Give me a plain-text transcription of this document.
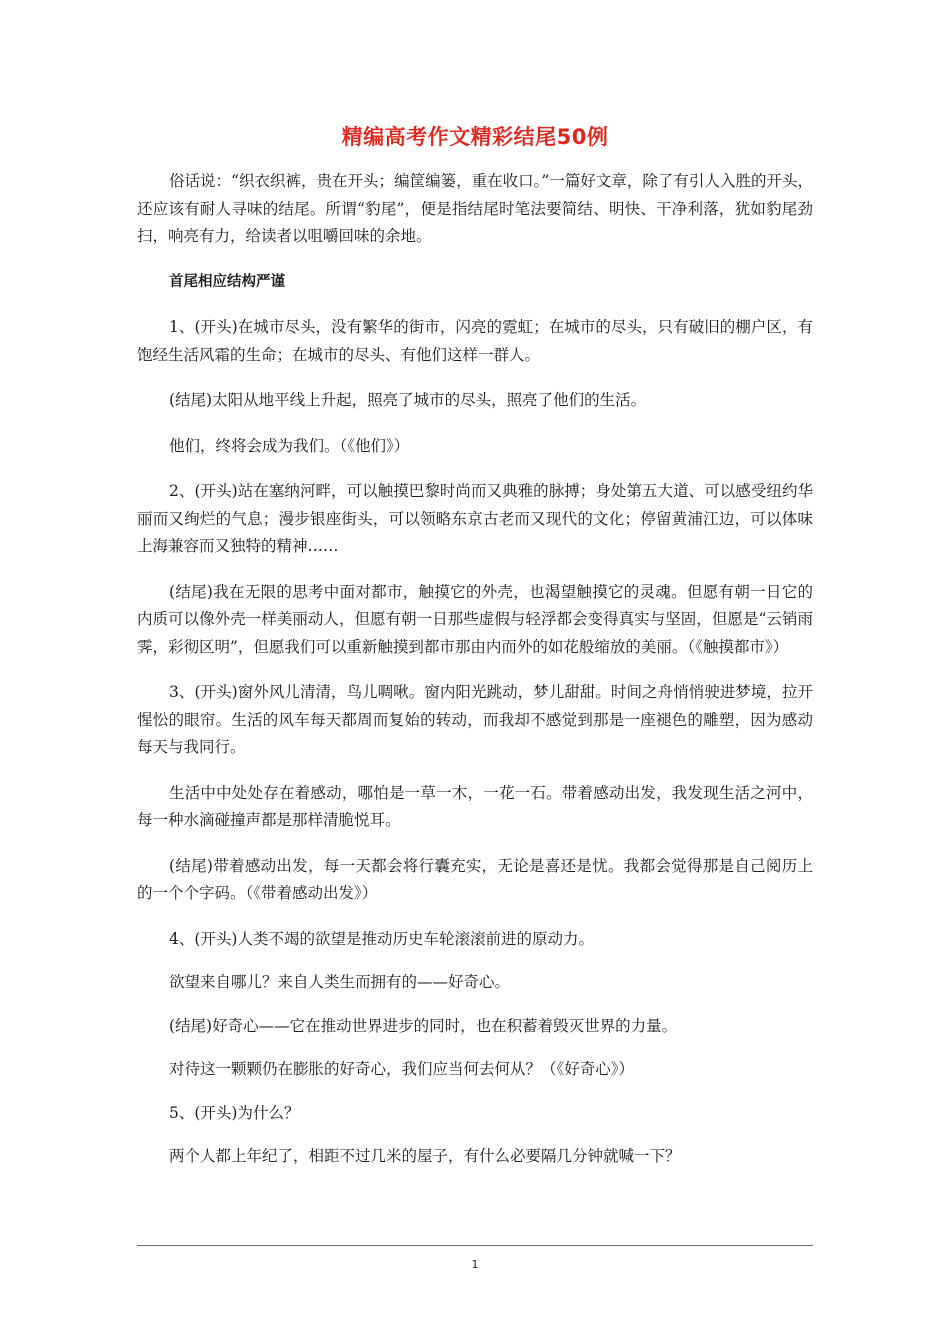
精编高考作文精彩结尾50例

俗话说：“织衣织裤，贵在开头；编筐编篓，重在收口。”一篇好文章，除了有引人入胜的开头，还应该有耐人寻味的结尾。所谓“豹尾”，便是指结尾时笔法要简结、明快、干净利落，犹如豹尾劲扫，响亮有力，给读者以咀嚼回味的余地。

首尾相应结构严谨

1、(开头)在城市尽头，没有繁华的街市，闪亮的霓虹；在城市的尽头，只有破旧的棚户区，有饱经生活风霜的生命；在城市的尽头、有他们这样一群人。

(结尾)太阳从地平线上升起，照亮了城市的尽头，照亮了他们的生活。

他们，终将会成为我们。（《他们》）

2、(开头)站在塞纳河畔，可以触摸巴黎时尚而又典雅的脉搏；身处第五大道、可以感受纽约华丽而又绚烂的气息；漫步银座街头，可以领略东京古老而又现代的文化；停留黄浦江边，可以体味上海兼容而又独特的精神……

(结尾)我在无限的思考中面对都市，触摸它的外壳，也渴望触摸它的灵魂。但愿有朝一日它的内质可以像外壳一样美丽动人，但愿有朝一日那些虚假与轻浮都会变得真实与坚固，但愿是“云销雨霁，彩彻区明”，但愿我们可以重新触摸到都市那由内而外的如花般缩放的美丽。（《触摸都市》）

3、(开头)窗外风儿清清，鸟儿啁啾。窗内阳光跳动，梦儿甜甜。时间之舟悄悄驶进梦境，拉开惺忪的眼帘。生活的风车每天都周而复始的转动，而我却不感觉到那是一座褪色的雕塑，因为感动每天与我同行。

生活中中处处存在着感动，哪怕是一草一木，一花一石。带着感动出发，我发现生活之河中，每一种水滴碰撞声都是那样清脆悦耳。

(结尾)带着感动出发，每一天都会将行囊充实，无论是喜还是忧。我都会觉得那是自己阅历上的一个个字码。（《带着感动出发》）

4、(开头)人类不竭的欲望是推动历史车轮滚滚前进的原动力。

欲望来自哪儿？来自人类生而拥有的——好奇心。

(结尾)好奇心——它在推动世界进步的同时，也在积蓄着毁灭世界的力量。

对待这一颗颗仍在膨胀的好奇心，我们应当何去何从？（《好奇心》）

5、(开头)为什么？

两个人都上年纪了，相距不过几米的屋子，有什么必要隔几分钟就喊一下？

1
